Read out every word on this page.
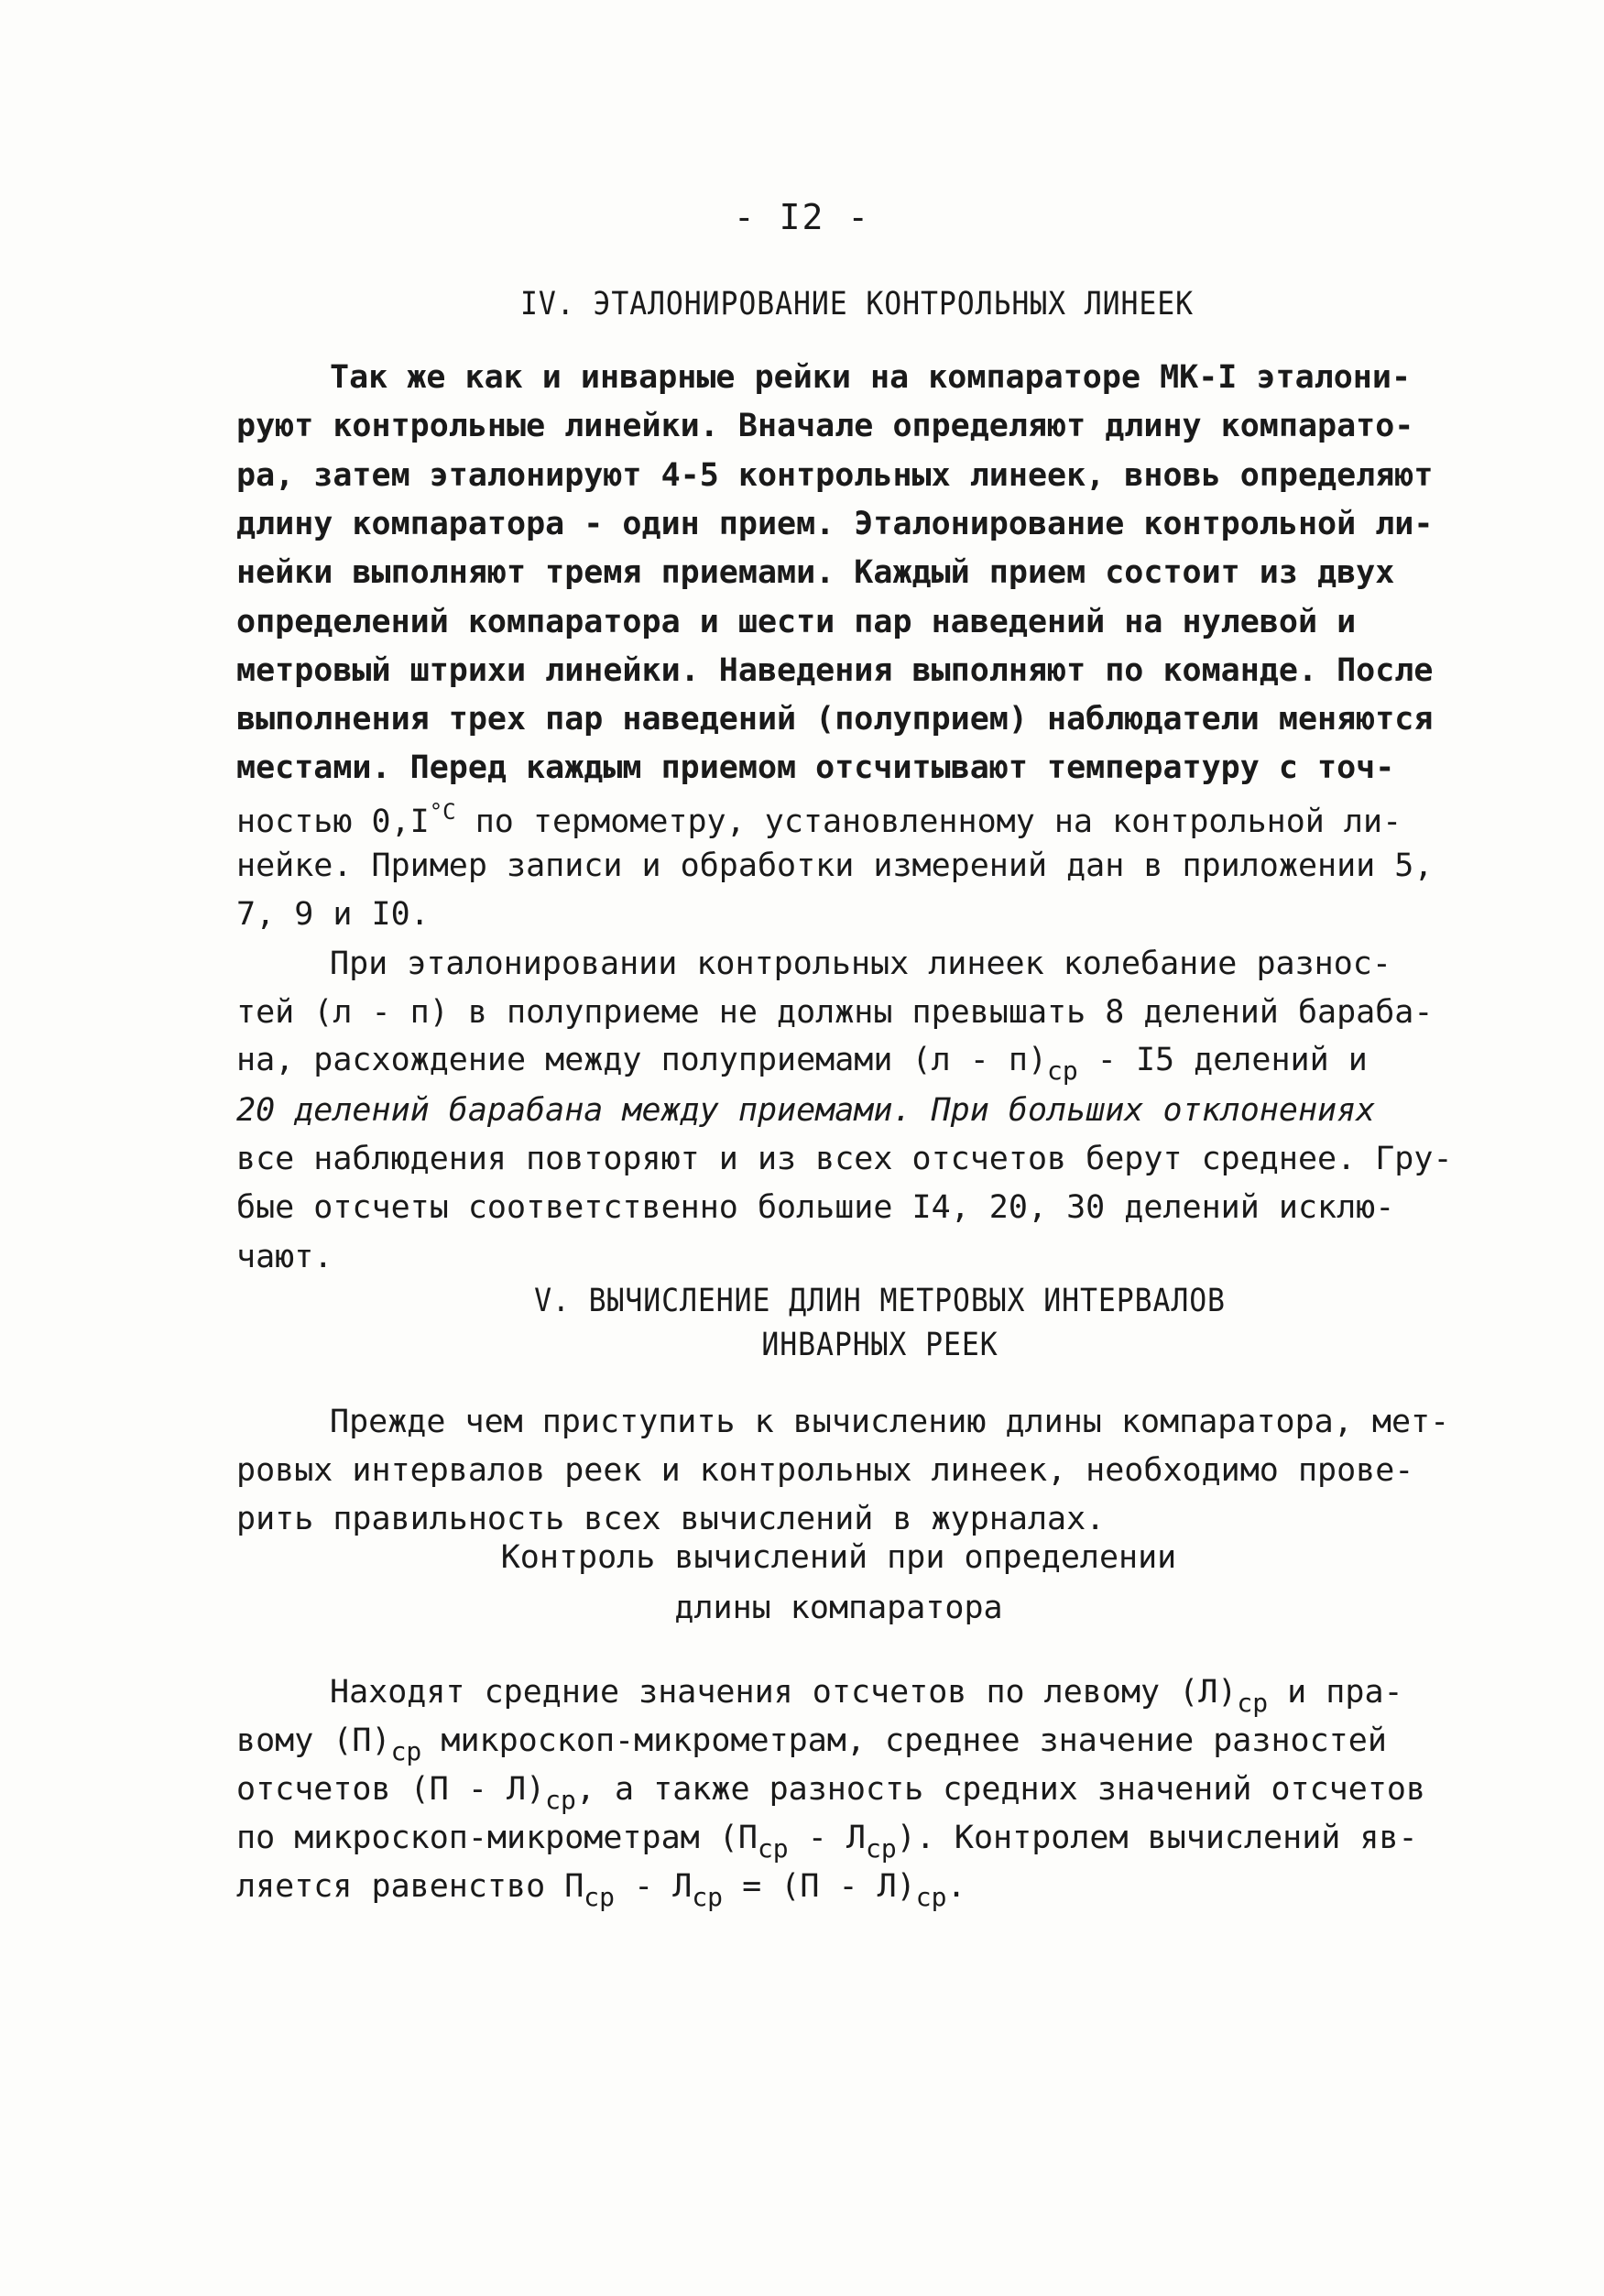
- I2 -
IV. ЭТАЛОНИРОВАНИЕ КОНТРОЛЬНЫХ ЛИНЕЕК
Так же как и инварные рейки на компараторе МК-I эталони-
руют контрольные линейки. Вначале определяют длину компарато-
ра, затем эталонируют 4-5 контрольных линеек, вновь определяют
длину компаратора - один прием. Эталонирование контрольной ли-
нейки выполняют тремя приемами. Каждый прием состоит из двух
определений компаратора и шести пар наведений на нулевой и
метровый штрихи линейки. Наведения выполняют по команде. После
выполнения трех пар наведений (полуприем) наблюдатели меняются
местами. Перед каждым приемом отсчитывают температуру с точ-
ностью $0,I^{^\circ C}$ по термометру, установленному на контрольной ли-
нейке. Пример записи и обработки измерений дан в приложении 5,
7, 9 и I0.
При эталонировании контрольных линеек колебание разнос-
тей (л - п) в полуприеме не должны превышать 8 делений бараба-
на, расхождение между полуприемами $(л - п)_{ср} - I5$ делений и
20 делений барабана между приемами. При больших отклонениях
все наблюдения повторяют и из всех отсчетов берут среднее. Гру-
бые отсчеты соответственно большие I4, 20, 30 делений исклю-
чают.
V. ВЫЧИСЛЕНИЕ ДЛИН МЕТРОВЫХ ИНТЕРВАЛОВ
ИНВАРНЫХ РЕЕК
Прежде чем приступить к вычислению длины компаратора, мет-
ровых интервалов реек и контрольных линеек, необходимо прове-
рить правильность всех вычислений в журналах.
Контроль вычислений при определении
длины компаратора
Находят средние значения отсчетов по левому $(Л)_{ср}$ и пра-
вому $(П)_{ср}$ микроскоп-микрометрам, среднее значение разностей
отсчетов $(П - Л)_{ср}$, а также разность средних значений отсчетов
по микроскоп-микрометрам $(П_{ср} - Л_{ср})$. Контролем вычислений яв-
ляется равенство $П_{ср} - Л_{ср} = (П - Л)_{ср}$.
